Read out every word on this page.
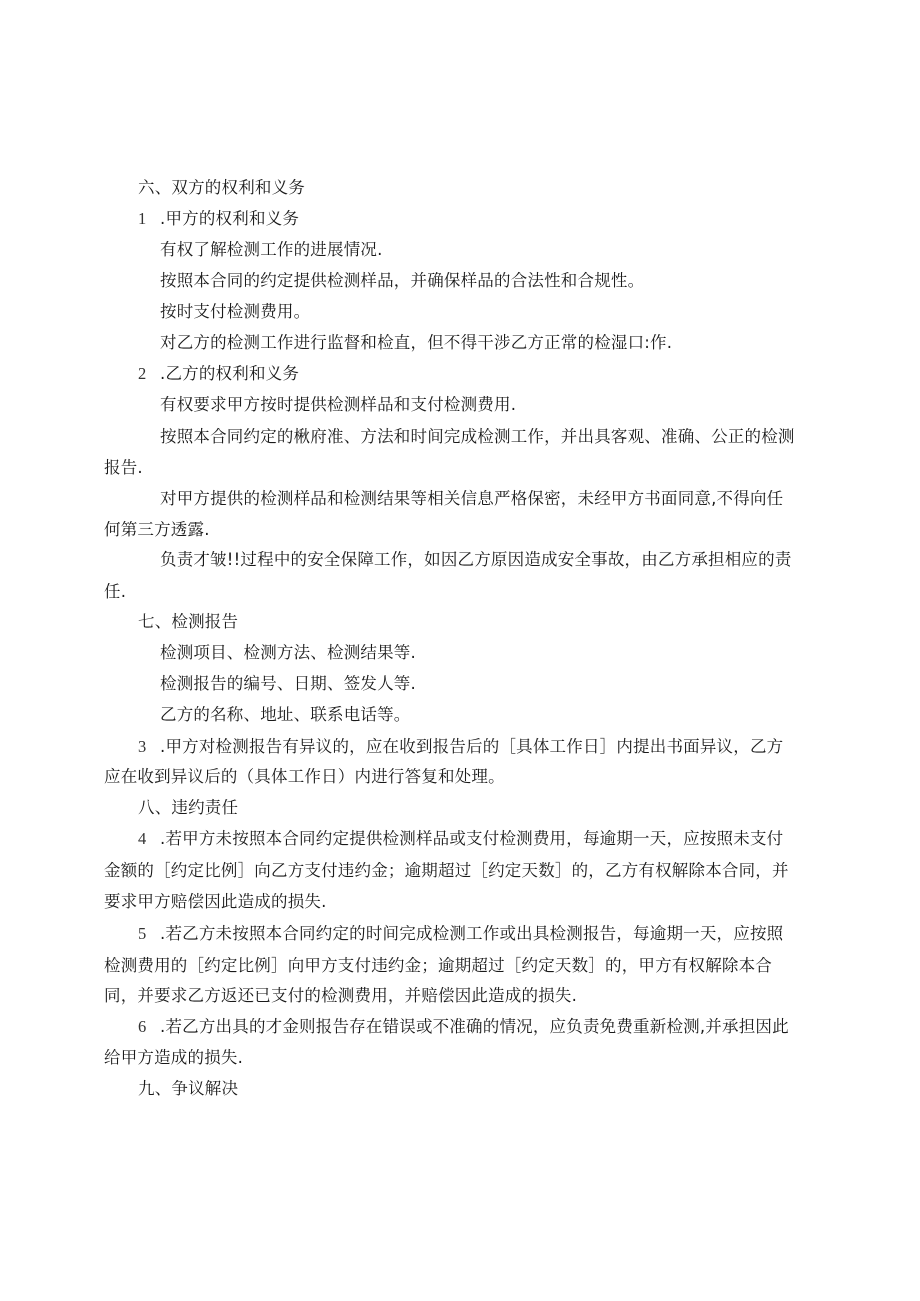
六、双方的权利和义务
1 .甲方的权利和义务
有权了解检测工作的进展情况.
按照本合同的约定提供检测样品，并确保样品的合法性和合规性。
按时支付检测费用。
对乙方的检测工作进行监督和检直，但不得干涉乙方正常的检湿口:作.
2 .乙方的权利和义务
有权要求甲方按时提供检测样品和支付检测费用.
按照本合同约定的楸府准、方法和时间完成检测工作，并出具客观、准确、公正的检测
报告.
对甲方提供的检测样品和检测结果等相关信息严格保密，未经甲方书面同意,不得向任
何第三方透露.
负责才皱!!过程中的安全保障工作，如因乙方原因造成安全事故，由乙方承担相应的责
任.
七、检测报告
检测项目、检测方法、检测结果等.
检测报告的编号、日期、签发人等.
乙方的名称、地址、联系电话等。
3 .甲方对检测报告有异议的，应在收到报告后的［具体工作日］内提出书面异议，乙方
应在收到异议后的（具体工作日）内进行答复和处理。
八、违约责任
4 .若甲方未按照本合同约定提供检测样品或支付检测费用，每逾期一天，应按照未支付
金额的［约定比例］向乙方支付违约金；逾期超过［约定天数］的，乙方有权解除本合同，并
要求甲方赔偿因此造成的损失.
5 .若乙方未按照本合同约定的时间完成检测工作或出具检测报告，每逾期一天，应按照
检测费用的［约定比例］向甲方支付违约金；逾期超过［约定天数］的，甲方有权解除本合
同，并要求乙方返还已支付的检测费用，并赔偿因此造成的损失.
6 .若乙方出具的才金则报告存在错误或不准确的情况，应负责免费重新检测,并承担因此
给甲方造成的损失.
九、争议解决
